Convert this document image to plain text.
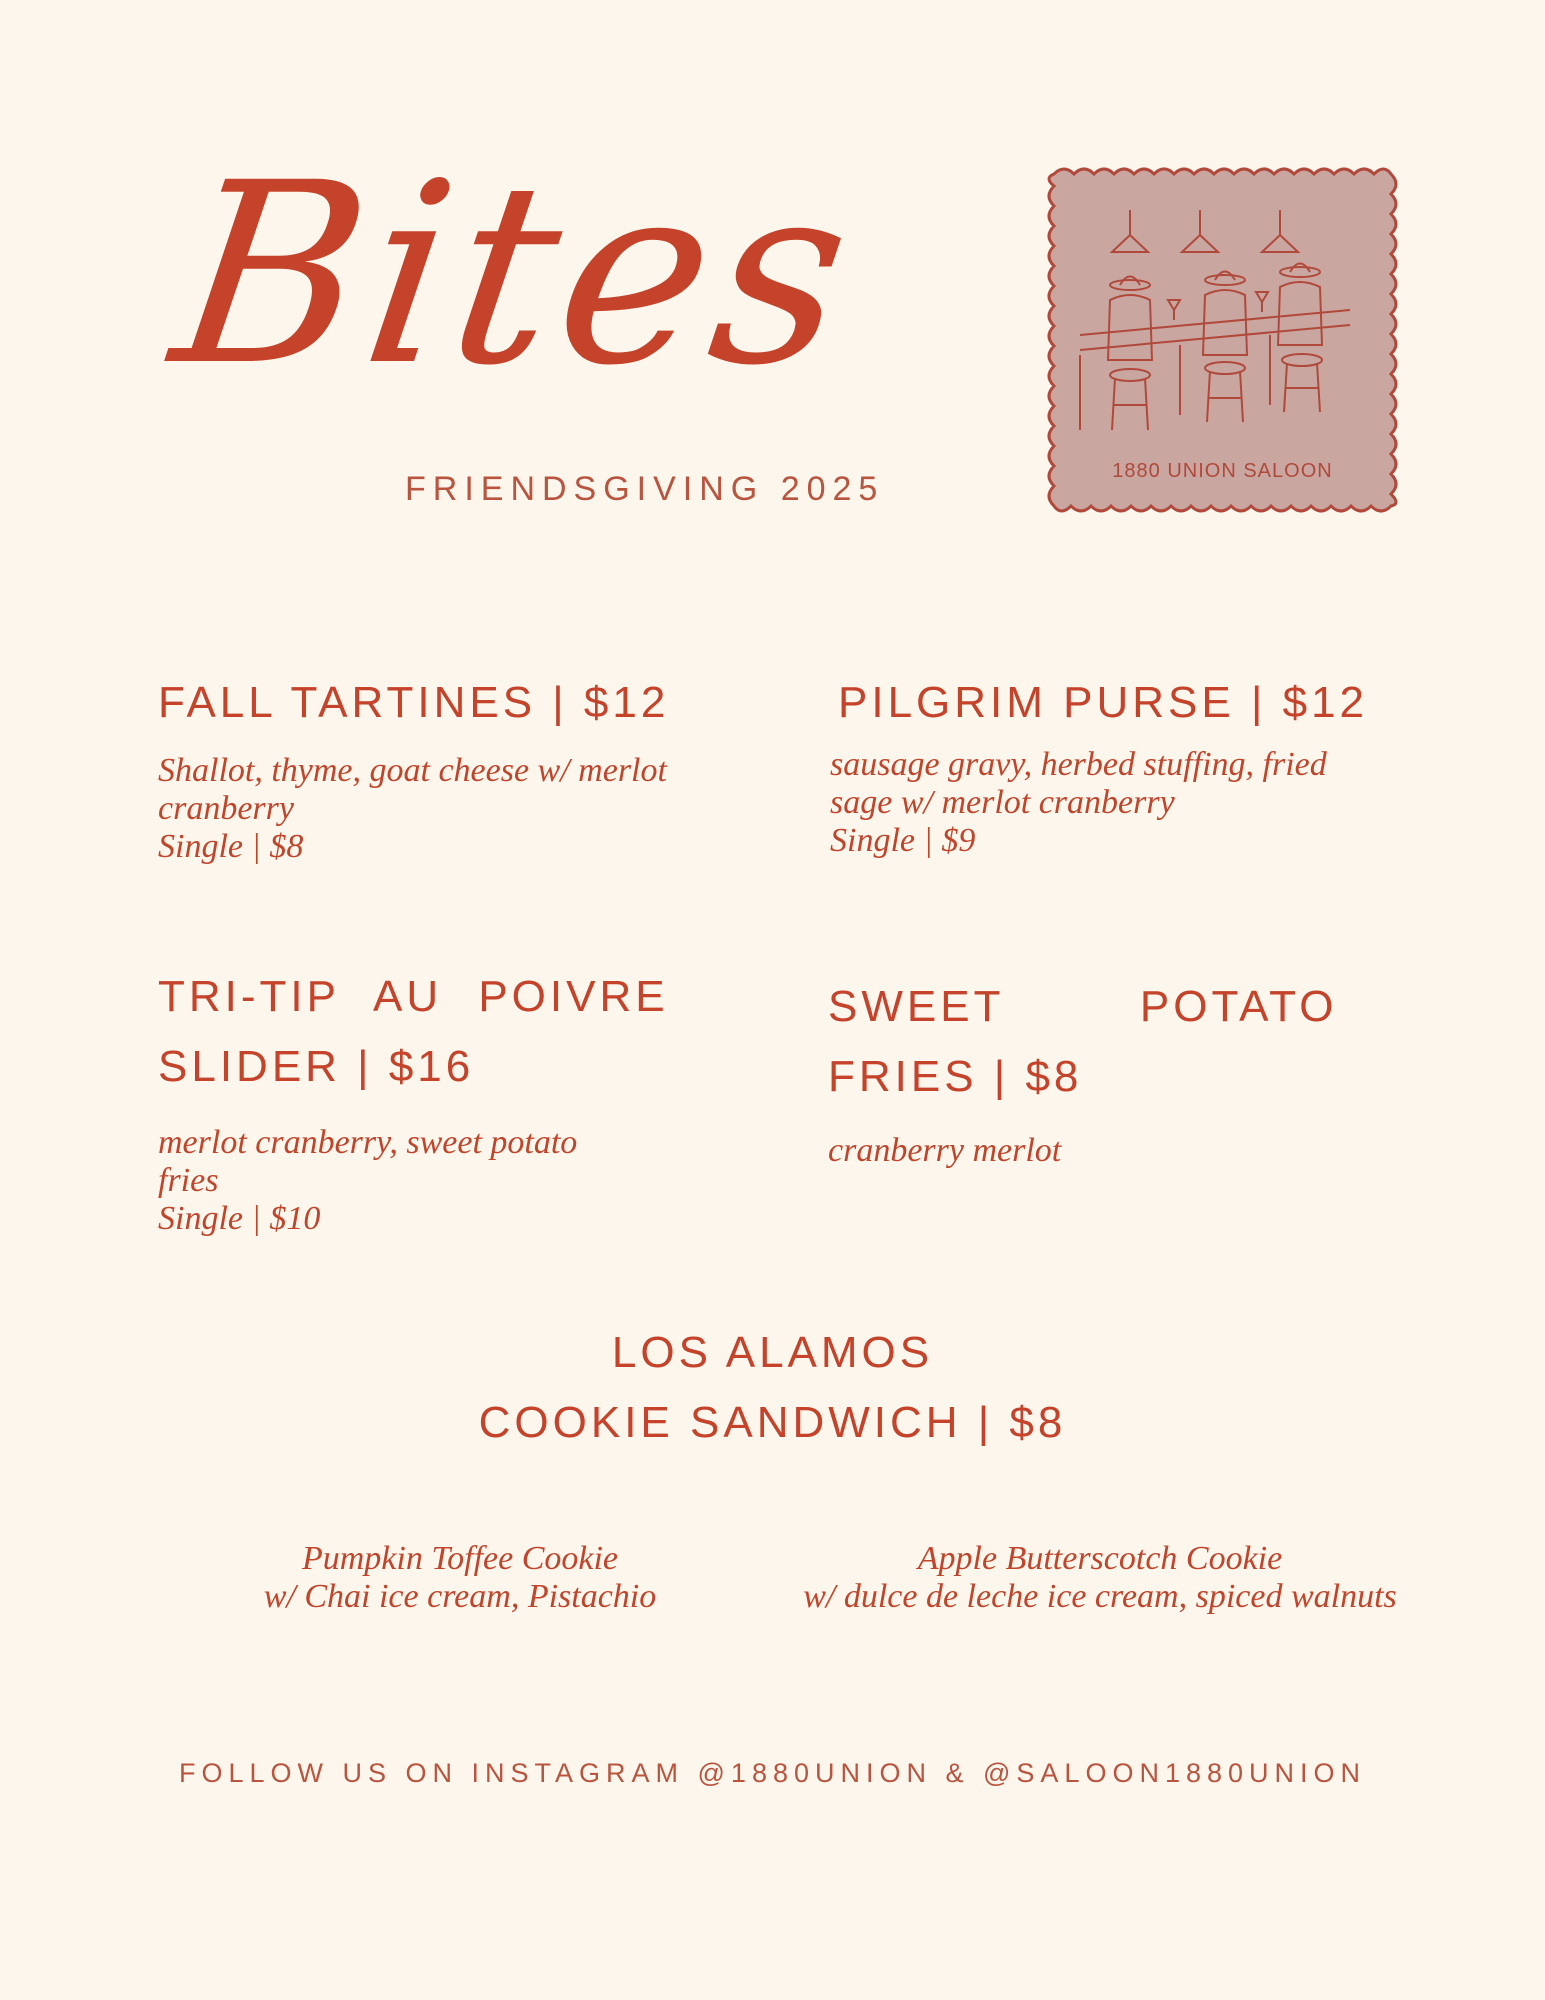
Bites
FRIENDSGIVING 2025	1880 UNION SALOON
FALL TARTINES | $12
Shallot, thyme, goat cheese w/ merlot
cranberry
Single | $8
PILGRIM PURSE | $12
sausage gravy, herbed stuffing, fried
sage w/ merlot cranberry
Single | $9
TRI-TIP AU POIVRE
SLIDER | $16
merlot cranberry, sweet potato
fries
Single | $10
SWEET POTATO
FRIES | $8
cranberry merlot
LOS ALAMOS
COOKIE SANDWICH | $8
Pumpkin Toffee Cookie
w/ Chai ice cream, Pistachio
Apple Butterscotch Cookie
w/ dulce de leche ice cream, spiced walnuts
FOLLOW US ON INSTAGRAM @1880UNION & @SALOON1880UNION
